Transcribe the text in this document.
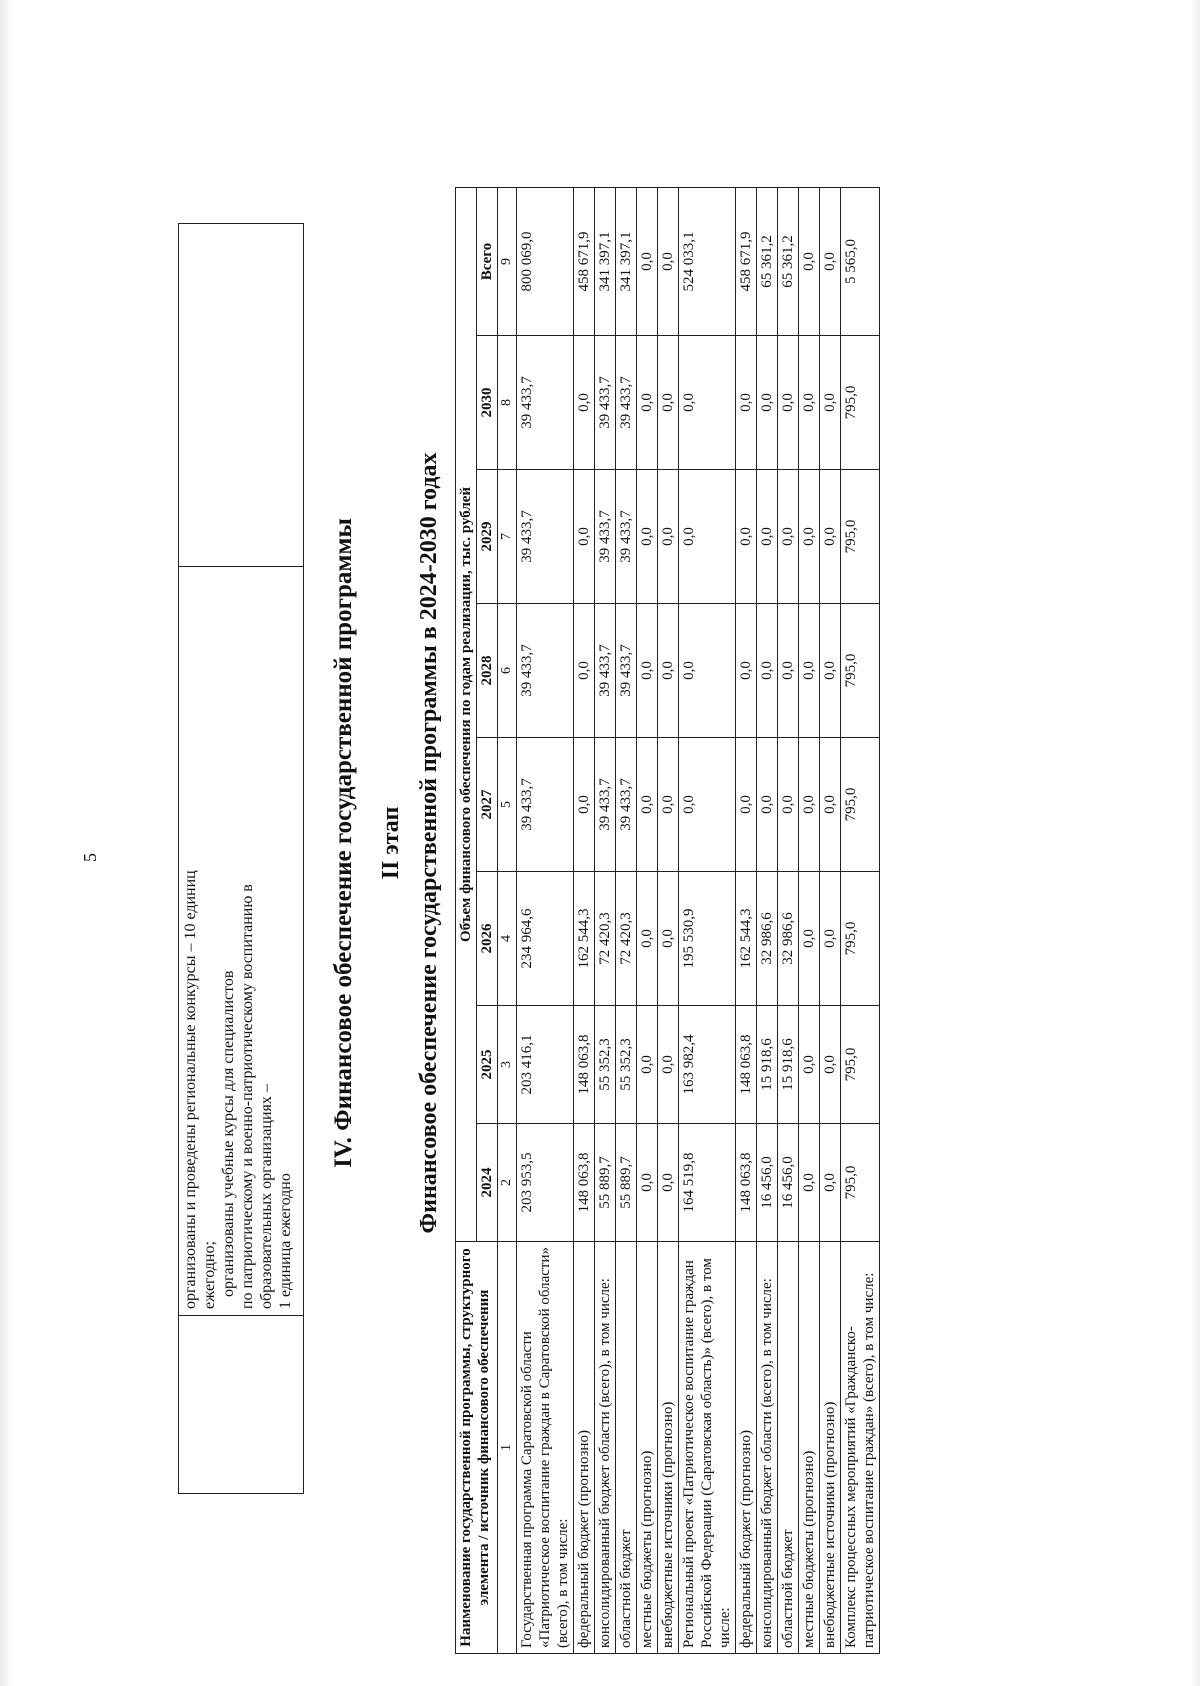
5

организованы и проведены региональные конкурсы – 10 единиц ежегодно; организованы учебные курсы для специалистов по патриотическому и военно-патриотическому воспитанию в образовательных организациях – 1 единица ежегодно

IV. Финансовое обеспечение государственной программы II этап Финансовое обеспечение государственной программы в 2024-2030 годах
Наименование государственной программы, структурного элемента / источник финансового обеспечения	Объем финансового обеспечения по годам реализации, тыс. рублей							
	2024	2025	2026	2027	2028	2029	2030	Всего
1	2	3	4	5	6	7	8	9
Государственная программа Саратовской области «Патриотическое воспитание граждан в Саратовской области» (всего), в том числе:	203 953,5	203 416,1	234 964,6	39 433,7	39 433,7	39 433,7	39 433,7	800 069,0
федеральный бюджет (прогнозно)	148 063,8	148 063,8	162 544,3	0,0	0,0	0,0	0,0	458 671,9
консолидированный бюджет области (всего), в том числе:	55 889,7	55 352,3	72 420,3	39 433,7	39 433,7	39 433,7	39 433,7	341 397,1
областной бюджет	55 889,7	55 352,3	72 420,3	39 433,7	39 433,7	39 433,7	39 433,7	341 397,1
местные бюджеты (прогнозно)	0,0	0,0	0,0	0,0	0,0	0,0	0,0	0,0
внебюджетные источники (прогнозно)	0,0	0,0	0,0	0,0	0,0	0,0	0,0	0,0
Региональный проект «Патриотическое воспитание граждан Российской Федерации (Саратовская область)» (всего), в том числе:	164 519,8	163 982,4	195 530,9	0,0	0,0	0,0	0,0	524 033,1
федеральный бюджет (прогнозно)	148 063,8	148 063,8	162 544,3	0,0	0,0	0,0	0,0	458 671,9
консолидированный бюджет области (всего), в том числе:	16 456,0	15 918,6	32 986,6	0,0	0,0	0,0	0,0	65 361,2
областной бюджет	16 456,0	15 918,6	32 986,6	0,0	0,0	0,0	0,0	65 361,2
местные бюджеты (прогнозно)	0,0	0,0	0,0	0,0	0,0	0,0	0,0	0,0
внебюджетные источники (прогнозно)	0,0	0,0	0,0	0,0	0,0	0,0	0,0	0,0
Комплекс процессных мероприятий «Гражданско-патриотическое воспитание граждан» (всего), в том числе:	795,0	795,0	795,0	795,0	795,0	795,0	795,0	5 565,0
